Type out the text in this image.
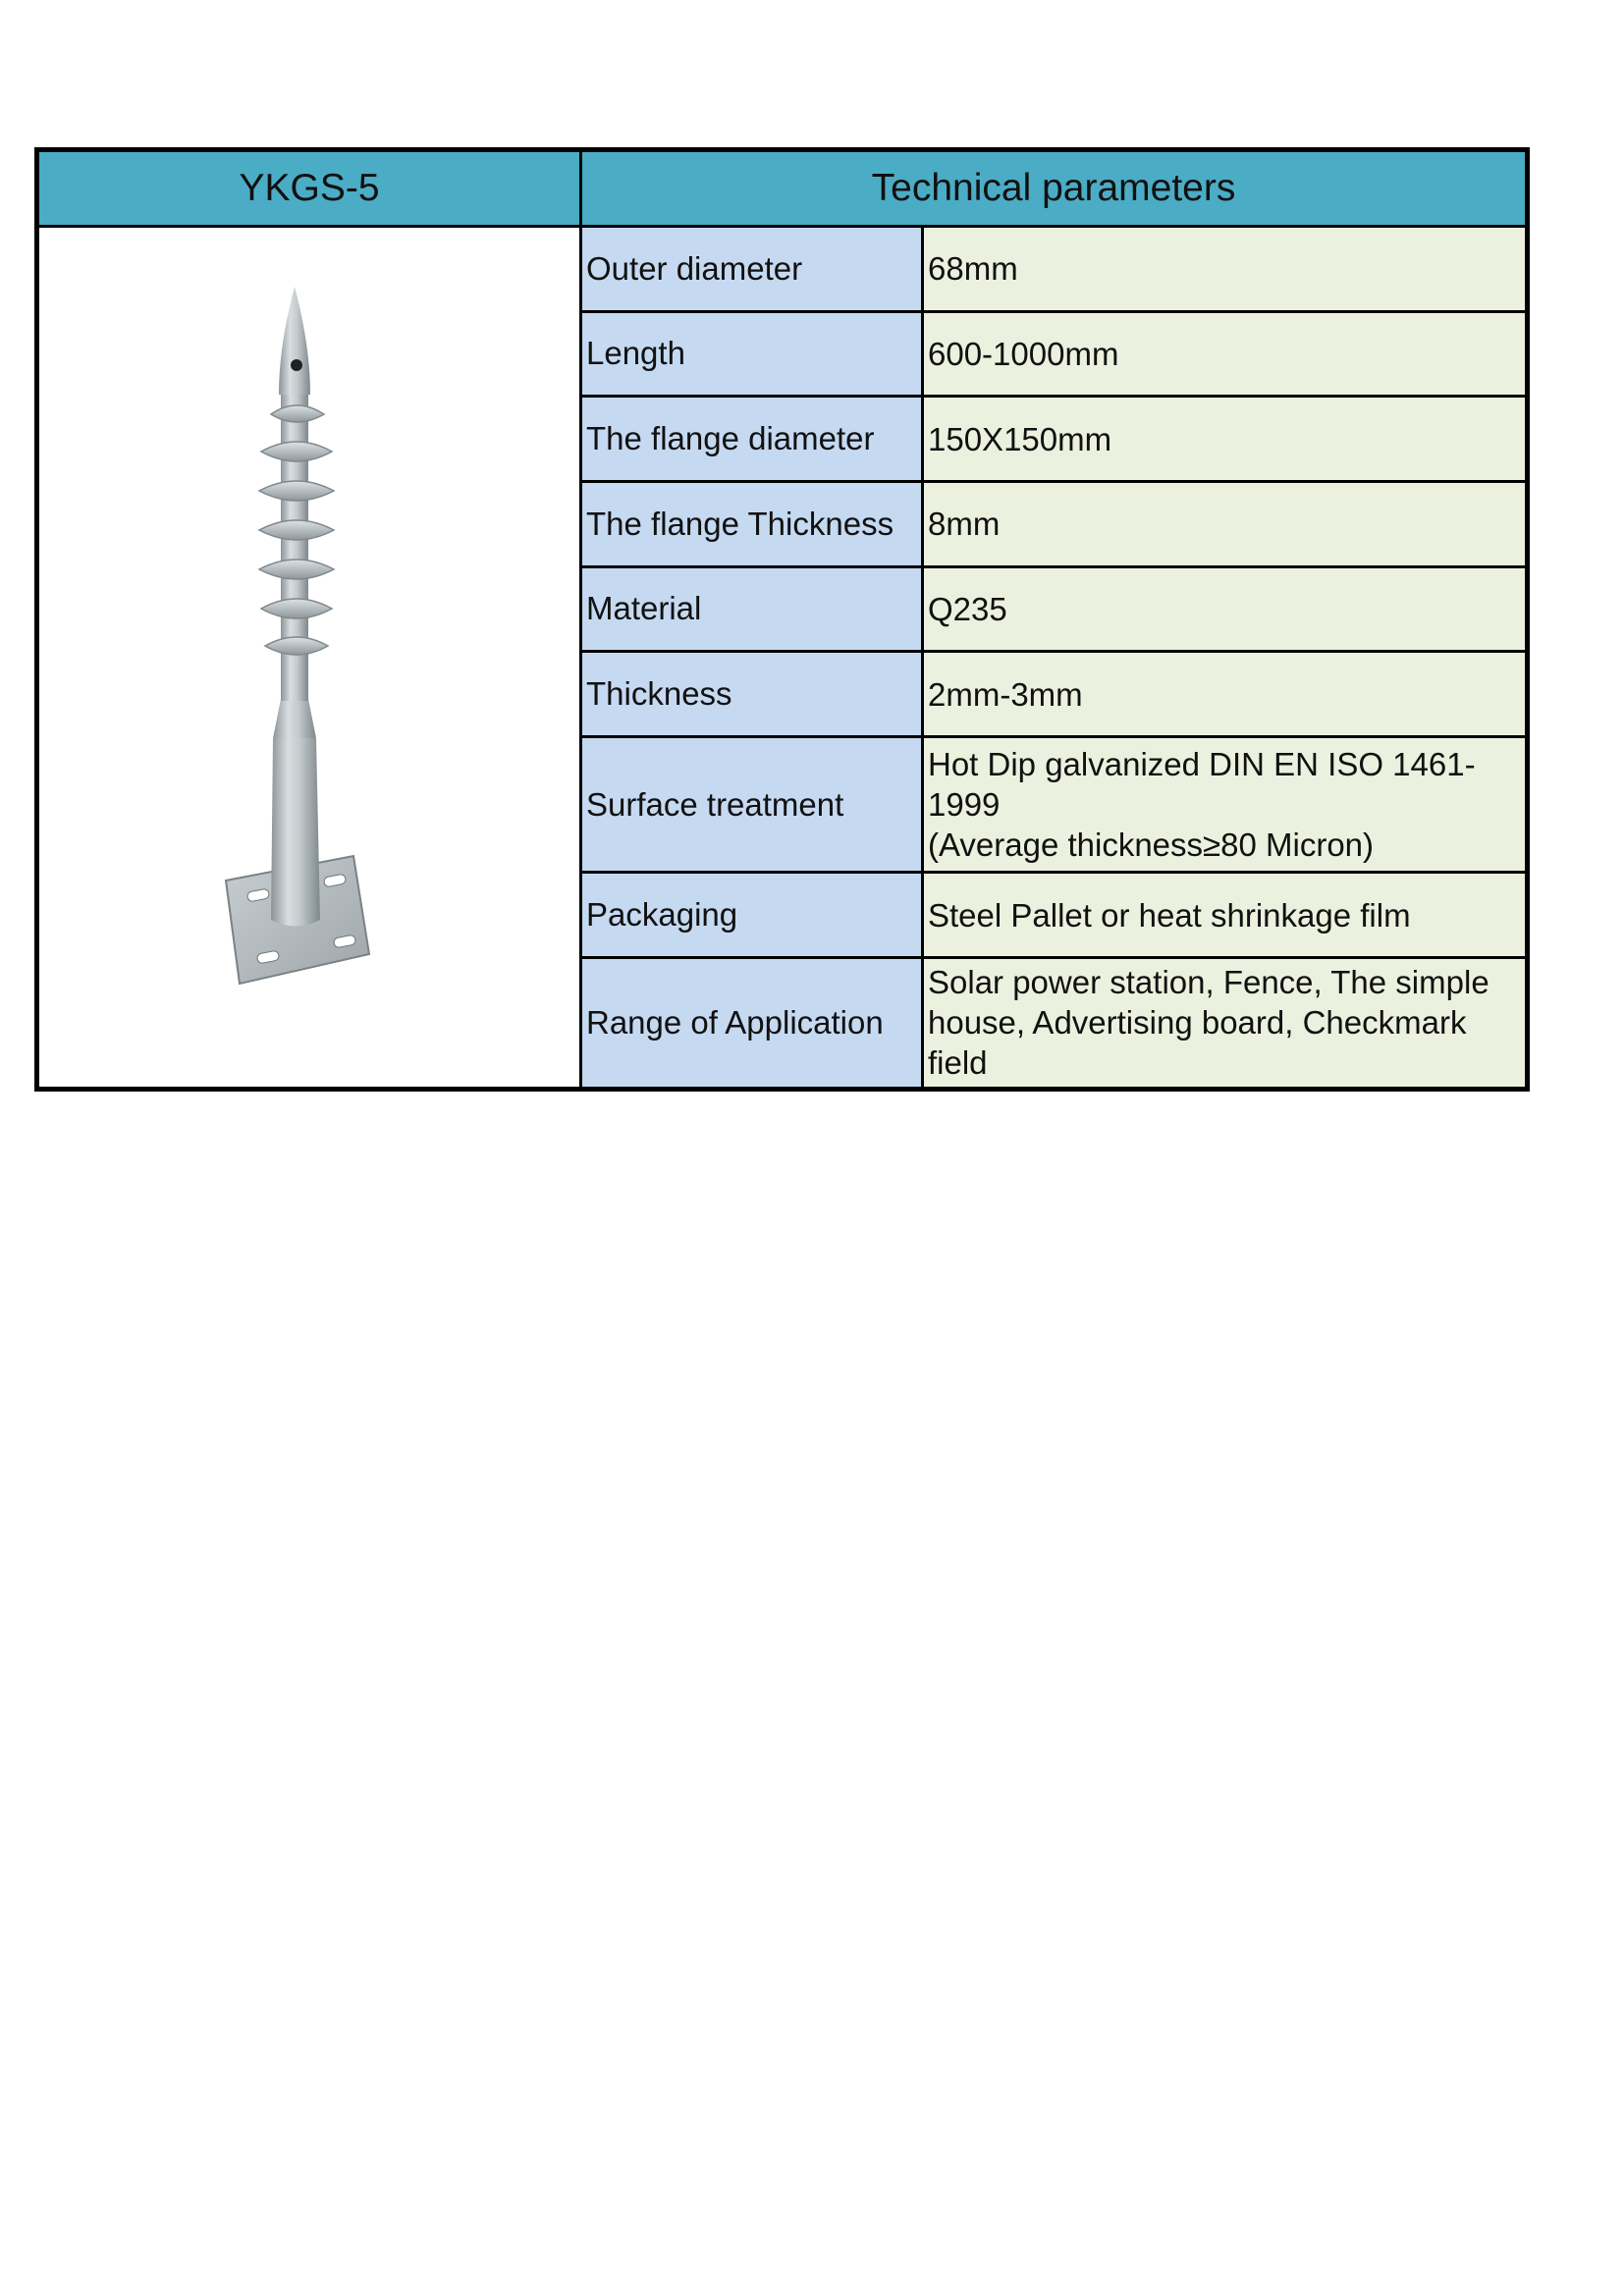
YKGS-5	Technical parameters	
	Outer diameter	68mm

	Length	600-1000mm

	The flange diameter	150X150mm

	The flange Thickness	8mm

	Material	Q235

	Thickness	2mm-3mm

	Surface treatment	Hot Dip galvanized DIN EN ISO 1461-
1999
(Average thickness≥80 Micron)

	Packaging	Steel Pallet or heat shrinkage film

	Range of Application	Solar power station, Fence, The simple
house, Advertising board, Checkmark
field
